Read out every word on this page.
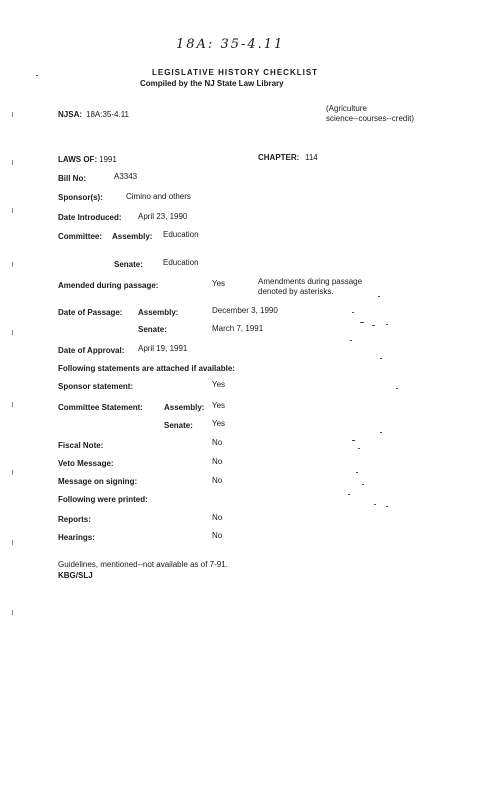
18A: 35-4.11
LEGISLATIVE HISTORY CHECKLIST
Compiled by the NJ State Law Library
NJSA: 18A:35-4.11
(Agriculture
science--courses--credit)
LAWS OF: 1991	CHAPTER: 114
Bill No:	A3343
Sponsor(s):	Cimino and others
Date Introduced: April 23, 1990
Committee: Assembly: Education
Senate:	Education
Amended during passage:	Yes	Amendments during passage
denoted by asterisks.
Date of Passage: Assembly:	December 3, 1990
Senate:	March 7, 1991
Date of Approval: April 19, 1991
Following statements are attached if available:
Sponsor statement:	Yes
Committee Statement:	Assembly: Yes
Senate: Yes
Fiscal Note:	No
Veto Message:	No
Message on signing:	No
Following were printed:
Reports:	No
Hearings:	No
Guidelines, mentioned--not available as of 7-91.
KBG/SLJ
